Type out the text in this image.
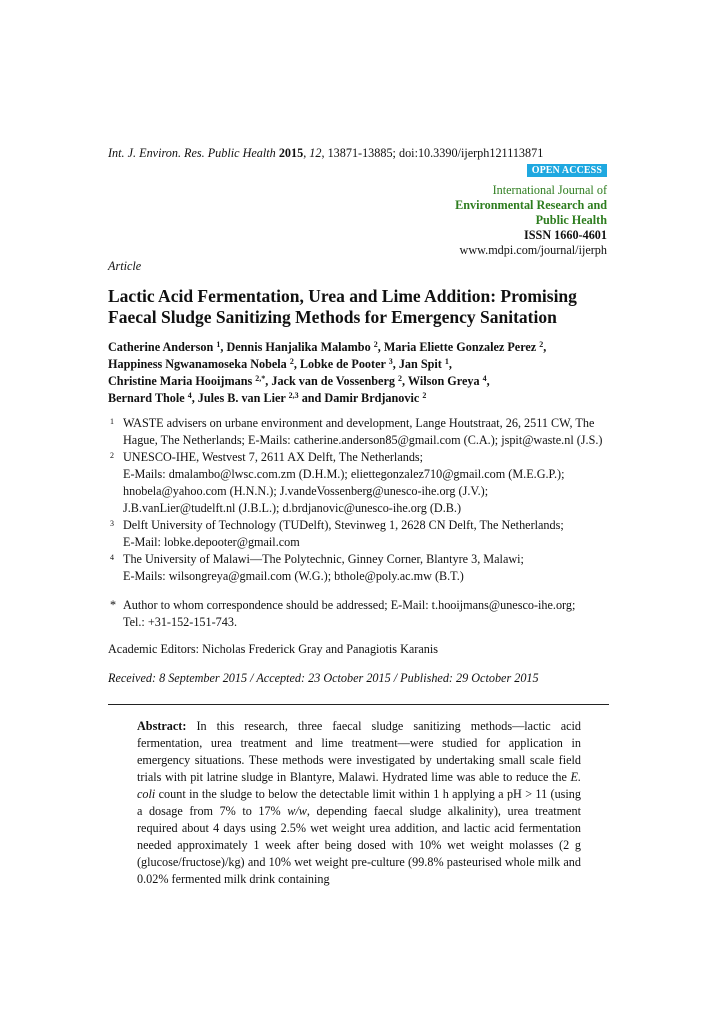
Int. J. Environ. Res. Public Health 2015, 12, 13871-13885; doi:10.3390/ijerph121113871
OPEN ACCESS
International Journal of
Environmental Research and
Public Health
ISSN 1660-4601
www.mdpi.com/journal/ijerph
Article
Lactic Acid Fermentation, Urea and Lime Addition: Promising
Faecal Sludge Sanitizing Methods for Emergency Sanitation
Catherine Anderson $^1$, Dennis Hanjalika Malambo $^2$, Maria Eliette Gonzalez Perez $^2$,
Happiness Ngwanamoseka Nobela $^2$, Lobke de Pooter $^3$, Jan Spit $^1$,
Christine Maria Hooijmans $^{2,*}$, Jack van de Vossenberg $^2$, Wilson Greya $^4$,
Bernard Thole $^4$, Jules B. van Lier $^{2,3}$ and Damir Brdjanovic $^2$
1 WASTE advisers on urbane environment and development, Lange Houtstraat, 26, 2511 CW, The

Hague, The Netherlands; E-Mails: catherine.anderson85@gmail.com (C.A.); jspit@waste.nl (J.S.)

2 UNESCO-IHE, Westvest 7, 2611 AX Delft, The Netherlands;

E-Mails: dmalambo@lwsc.com.zm (D.H.M.); eliettegonzalez710@gmail.com (M.E.G.P.);

hnobela@yahoo.com (H.N.N.); J.vandeVossenberg@unesco-ihe.org (J.V.);

J.B.vanLier@tudelft.nl (J.B.L.); d.brdjanovic@unesco-ihe.org (D.B.)

3 Delft University of Technology (TUDelft), Stevinweg 1, 2628 CN Delft, The Netherlands;

E-Mail: lobke.depooter@gmail.com

4 The University of Malawi—The Polytechnic, Ginney Corner, Blantyre 3, Malawi;

E-Mails: wilsongreya@gmail.com (W.G.); bthole@poly.ac.mw (B.T.)

* Author to whom correspondence should be addressed; E-Mail: t.hooijmans@unesco-ihe.org;
Tel.: +31-152-151-743.
Academic Editors: Nicholas Frederick Gray and Panagiotis Karanis
Received: 8 September 2015 / Accepted: 23 October 2015 / Published: 29 October 2015
Abstract: In this research, three faecal sludge sanitizing methods—lactic acid fermentation, urea treatment and lime treatment—were studied for application in emergency situations. These methods were investigated by undertaking small scale field trials with pit latrine sludge in Blantyre, Malawi. Hydrated lime was able to reduce the E. coli count in the sludge to below the detectable limit within 1 h applying a pH > 11 (using a dosage from 7% to 17% w/w, depending faecal sludge alkalinity), urea treatment required about 4 days using 2.5% wet weight urea addition, and lactic acid fermentation needed approximately 1 week after being dosed with 10% wet weight molasses (2 g (glucose/fructose)/kg) and 10% wet weight pre-culture (99.8% pasteurised whole milk and 0.02% fermented milk drink containing
